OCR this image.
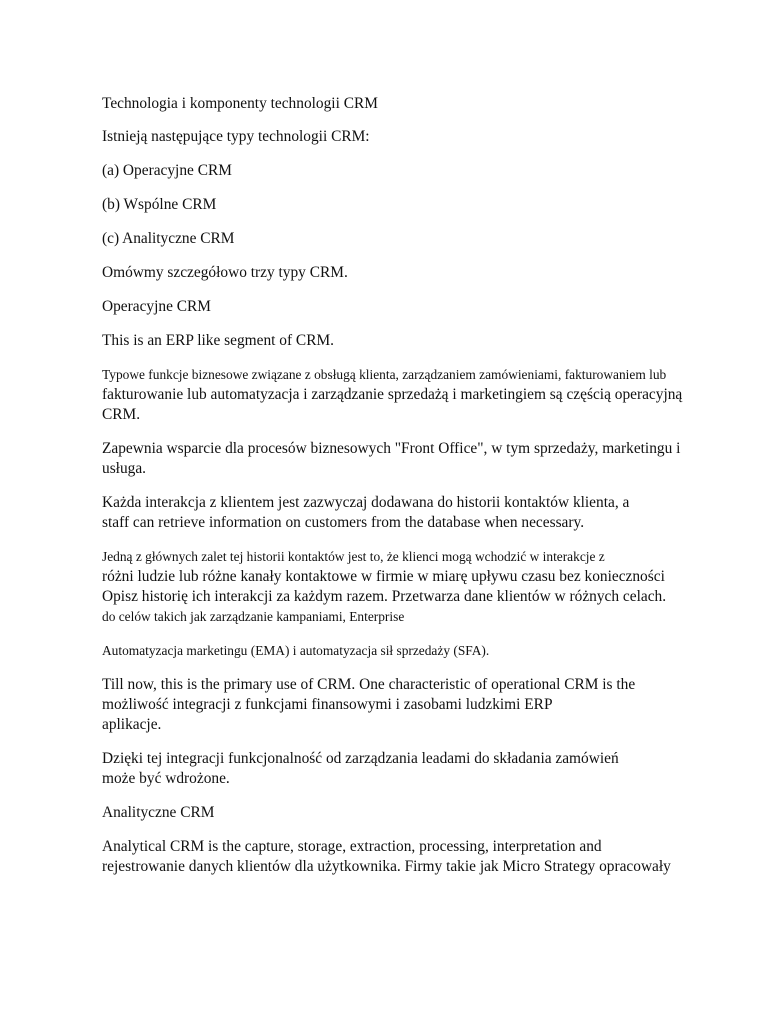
Technologia i komponenty technologii CRM

Istnieją następujące typy technologii CRM:

(a) Operacyjne CRM

(b) Wspólne CRM

(c) Analityczne CRM

Omówmy szczegółowo trzy typy CRM.

Operacyjne CRM

This is an ERP like segment of CRM.

Typowe funkcje biznesowe związane z obsługą klienta, zarządzaniem zamówieniami, fakturowaniem lub
fakturowanie lub automatyzacja i zarządzanie sprzedażą i marketingiem są częścią operacyjną
CRM.

Zapewnia wsparcie dla procesów biznesowych "Front Office", w tym sprzedaży, marketingu i
usługa.

Każda interakcja z klientem jest zazwyczaj dodawana do historii kontaktów klienta, a
staff can retrieve information on customers from the database when necessary.

Jedną z głównych zalet tej historii kontaktów jest to, że klienci mogą wchodzić w interakcje z
różni ludzie lub różne kanały kontaktowe w firmie w miarę upływu czasu bez konieczności
Opisz historię ich interakcji za każdym razem. Przetwarza dane klientów w różnych celach.
do celów takich jak zarządzanie kampaniami, Enterprise

Automatyzacja marketingu (EMA) i automatyzacja sił sprzedaży (SFA).

Till now, this is the primary use of CRM. One characteristic of operational CRM is the
możliwość integracji z funkcjami finansowymi i zasobami ludzkimi ERP
aplikacje.

Dzięki tej integracji funkcjonalność od zarządzania leadami do składania zamówień
może być wdrożone.

Analityczne CRM

Analytical CRM is the capture, storage, extraction, processing, interpretation and
rejestrowanie danych klientów dla użytkownika. Firmy takie jak Micro Strategy opracowały
